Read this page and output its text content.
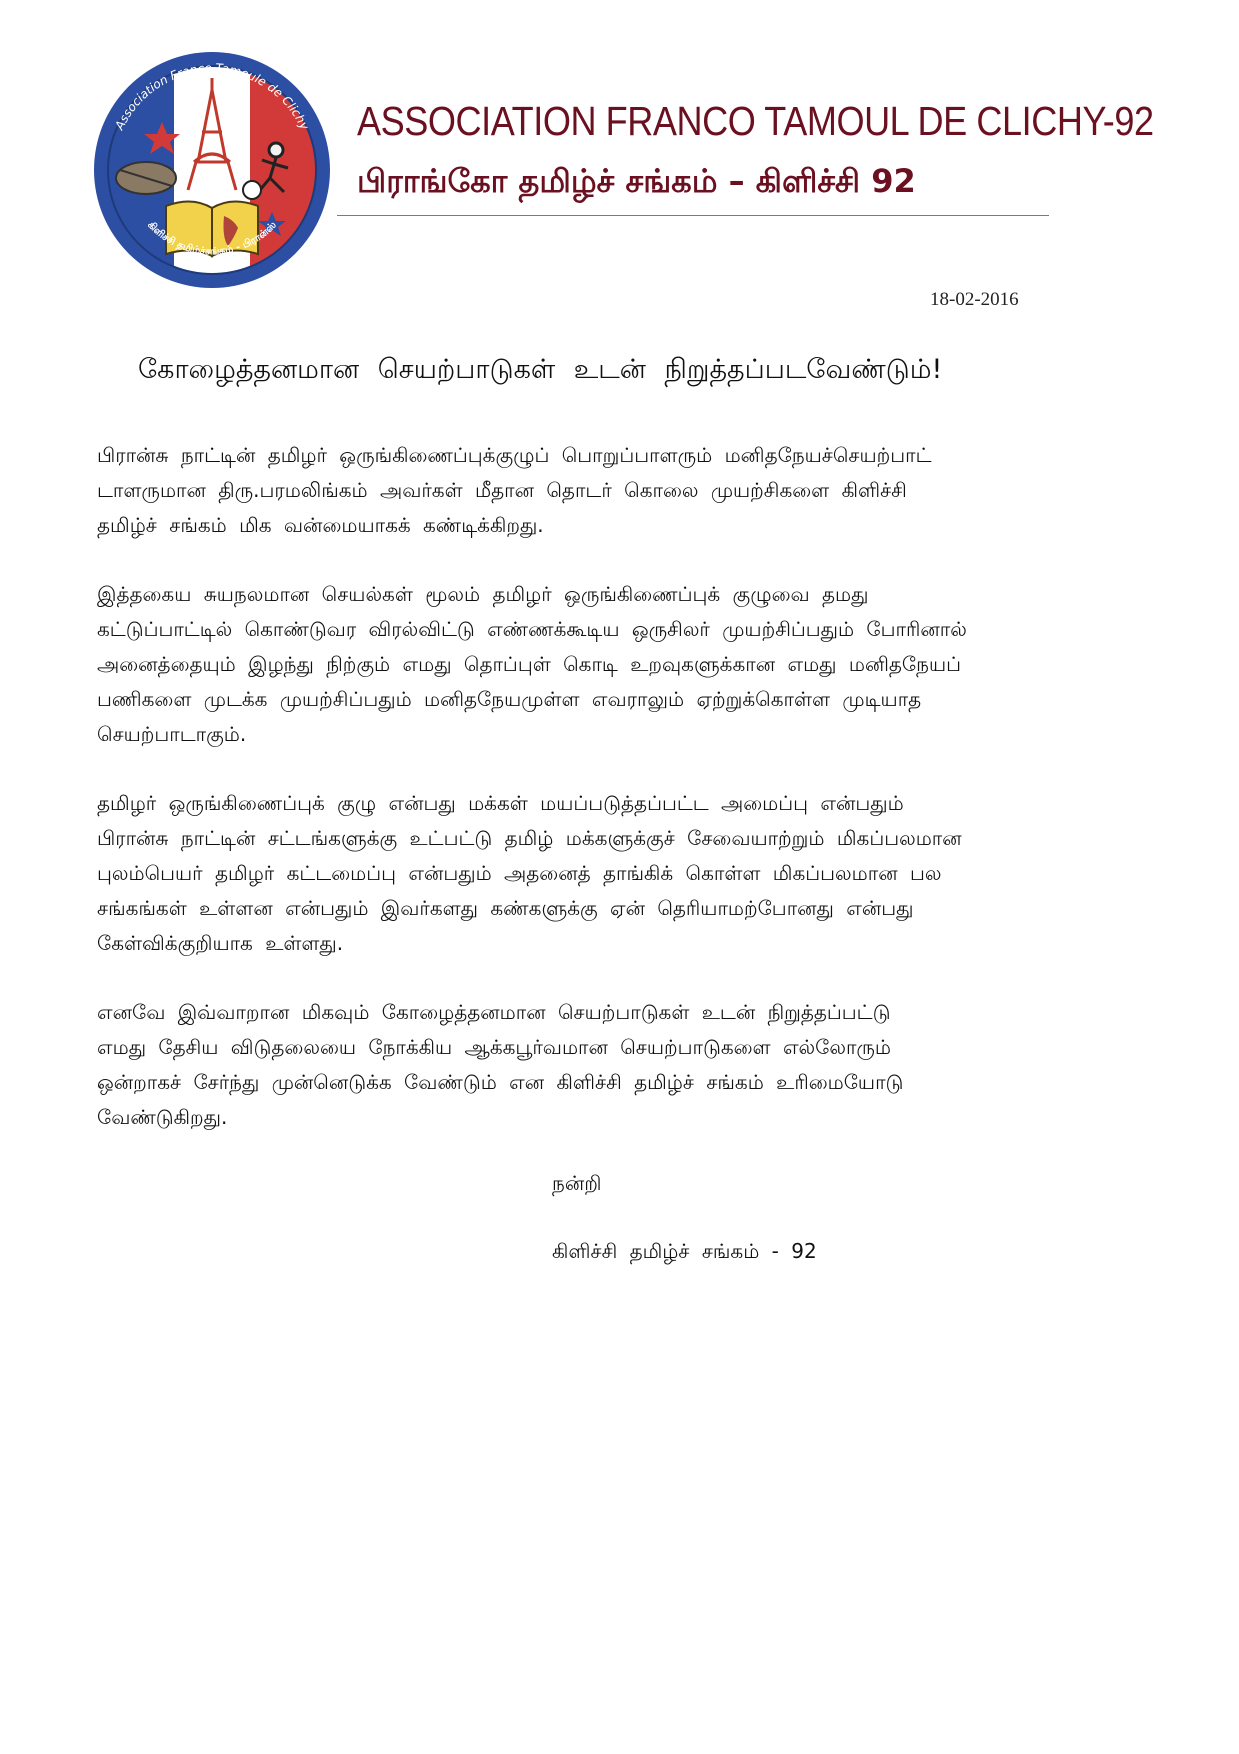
Association Franco-Tamoule de Clichy
கிளிச்சி தமிழ்ச்சங்கம் - பிரான்ஸ்
ASSOCIATION FRANCO TAMOUL DE CLICHY-92
பிராங்கோ தமிழ்ச் சங்கம் – கிளிச்சி 92
18-02-2016
கோழைத்தனமான செயற்பாடுகள் உடன் நிறுத்தப்படவேண்டும்!
பிரான்சு நாட்டின் தமிழர் ஒருங்கிணைப்புக்குழுப் பொறுப்பாளரும் மனிதநேயச்செயற்பாட்
டாளருமான திரு.பரமலிங்கம் அவர்கள் மீதான தொடர் கொலை முயற்சிகளை கிளிச்சி
தமிழ்ச் சங்கம் மிக வன்மையாகக் கண்டிக்கிறது.
இத்தகைய சுயநலமான செயல்கள் மூலம் தமிழர் ஒருங்கிணைப்புக் குழுவை தமது
கட்டுப்பாட்டில் கொண்டுவர விரல்விட்டு எண்ணக்கூடிய ஒருசிலர் முயற்சிப்பதும் போரினால்
அனைத்தையும் இழந்து நிற்கும் எமது தொப்புள் கொடி உறவுகளுக்கான எமது மனிதநேயப்
பணிகளை முடக்க முயற்சிப்பதும் மனிதநேயமுள்ள எவராலும் ஏற்றுக்கொள்ள முடியாத
செயற்பாடாகும்.
தமிழர் ஒருங்கிணைப்புக் குழு என்பது மக்கள் மயப்படுத்தப்பட்ட அமைப்பு என்பதும்
பிரான்சு நாட்டின் சட்டங்களுக்கு உட்பட்டு தமிழ் மக்களுக்குச் சேவையாற்றும் மிகப்பலமான
புலம்பெயர் தமிழர் கட்டமைப்பு என்பதும் அதனைத் தாங்கிக் கொள்ள மிகப்பலமான பல
சங்கங்கள் உள்ளன என்பதும் இவர்களது கண்களுக்கு ஏன் தெரியாமற்போனது என்பது
கேள்விக்குறியாக உள்ளது.
எனவே இவ்வாறான மிகவும் கோழைத்தனமான செயற்பாடுகள் உடன் நிறுத்தப்பட்டு
எமது தேசிய விடுதலையை நோக்கிய ஆக்கபூர்வமான செயற்பாடுகளை எல்லோரும்
ஒன்றாகச் சேர்ந்து முன்னெடுக்க வேண்டும் என கிளிச்சி தமிழ்ச் சங்கம் உரிமையோடு
வேண்டுகிறது.
நன்றி
கிளிச்சி தமிழ்ச் சங்கம் - 92
